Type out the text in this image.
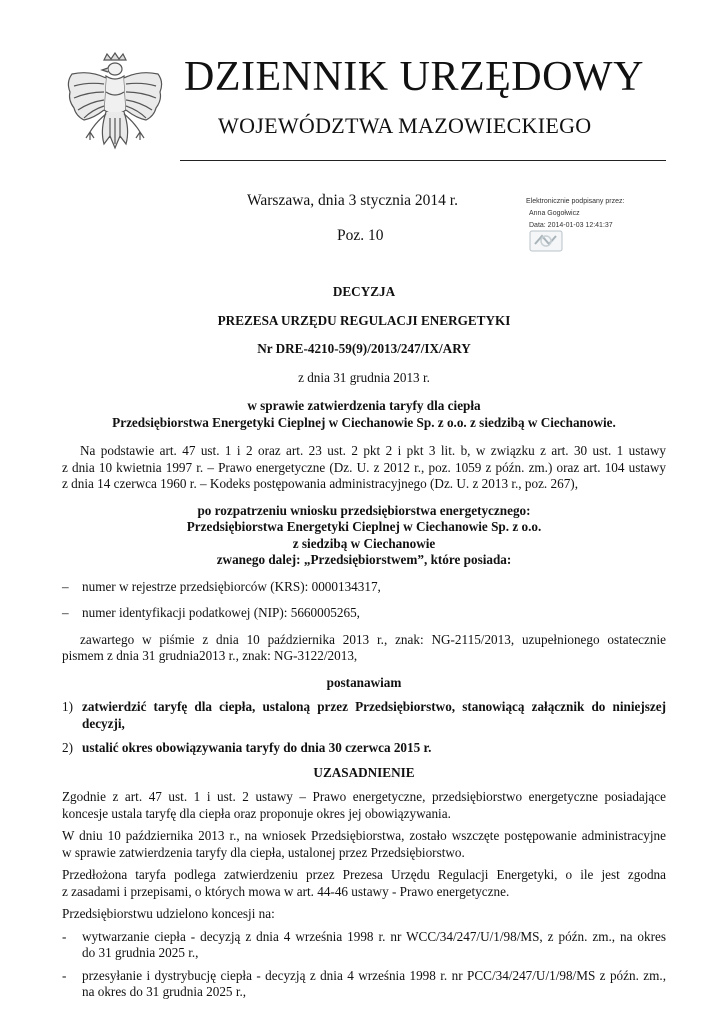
DZIENNIK URZĘDOWY
WOJEWÓDZTWA MAZOWIECKIEGO
Warszawa, dnia 3 stycznia 2014 r.
Poz. 10
Elektronicznie podpisany przez:
Anna Gogołwicz
Data: 2014-01-03 12:41:37

DECYZJA

PREZESA URZĘDU REGULACJI ENERGETYKI

Nr DRE-4210-59(9)/2013/247/IX/ARY

z dnia 31 grudnia 2013 r.

w sprawie zatwierdzenia taryfy dla ciepła

Przedsiębiorstwa Energetyki Cieplnej w Ciechanowie Sp. z o.o. z siedzibą w Ciechanowie.

Na podstawie art. 47 ust. 1 i 2 oraz art. 23 ust. 2 pkt 2 i pkt 3 lit. b, w związku z art. 30 ust. 1 ustawy

z dnia 10 kwietnia 1997 r. – Prawo energetyczne (Dz. U. z 2012 r., poz. 1059 z późn. zm.) oraz art. 104 ustawy

z dnia 14 czerwca 1960 r. – Kodeks postępowania administracyjnego (Dz. U. z 2013 r., poz. 267),

po rozpatrzeniu wniosku przedsiębiorstwa energetycznego:

Przedsiębiorstwa Energetyki Cieplnej w Ciechanowie Sp. z o.o.

z siedzibą w Ciechanowie

zwanego dalej: „Przedsiębiorstwem”, które posiada:

– numer w rejestrze przedsiębiorców (KRS): 0000134317,
– numer identyfikacji podatkowej (NIP): 5660005265,

zawartego w piśmie z dnia 10 października 2013 r., znak: NG-2115/2013, uzupełnionego ostatecznie

pismem z dnia 31 grudnia2013 r., znak: NG-3122/2013,

postanawiam

1) zatwierdzić taryfę dla ciepła, ustaloną przez Przedsiębiorstwo, stanowiącą załącznik do niniejszej

decyzji,

2) ustalić okres obowiązywania taryfy do dnia 30 czerwca 2015 r.

UZASADNIENIE

Zgodnie z art. 47 ust. 1 i ust. 2 ustawy – Prawo energetyczne, przedsiębiorstwo energetyczne posiadające

koncesje ustala taryfę dla ciepła oraz proponuje okres jej obowiązywania.

W dniu 10 października 2013 r., na wniosek Przedsiębiorstwa, zostało wszczęte postępowanie administracyjne

w sprawie zatwierdzenia taryfy dla ciepła, ustalonej przez Przedsiębiorstwo.

Przedłożona taryfa podlega zatwierdzeniu przez Prezesa Urzędu Regulacji Energetyki, o ile jest zgodna

z zasadami i przepisami, o których mowa w art. 44-46 ustawy - Prawo energetyczne.

Przedsiębiorstwu udzielono koncesji na:

- wytwarzanie ciepła - decyzją z dnia 4 września 1998 r. nr WCC/34/247/U/1/98/MS, z późn. zm., na okres

do 31 grudnia 2025 r.,

- przesyłanie i dystrybucję ciepła - decyzją z dnia 4 września 1998 r. nr PCC/34/247/U/1/98/MS z późn. zm.,

na okres do 31 grudnia 2025 r.,
